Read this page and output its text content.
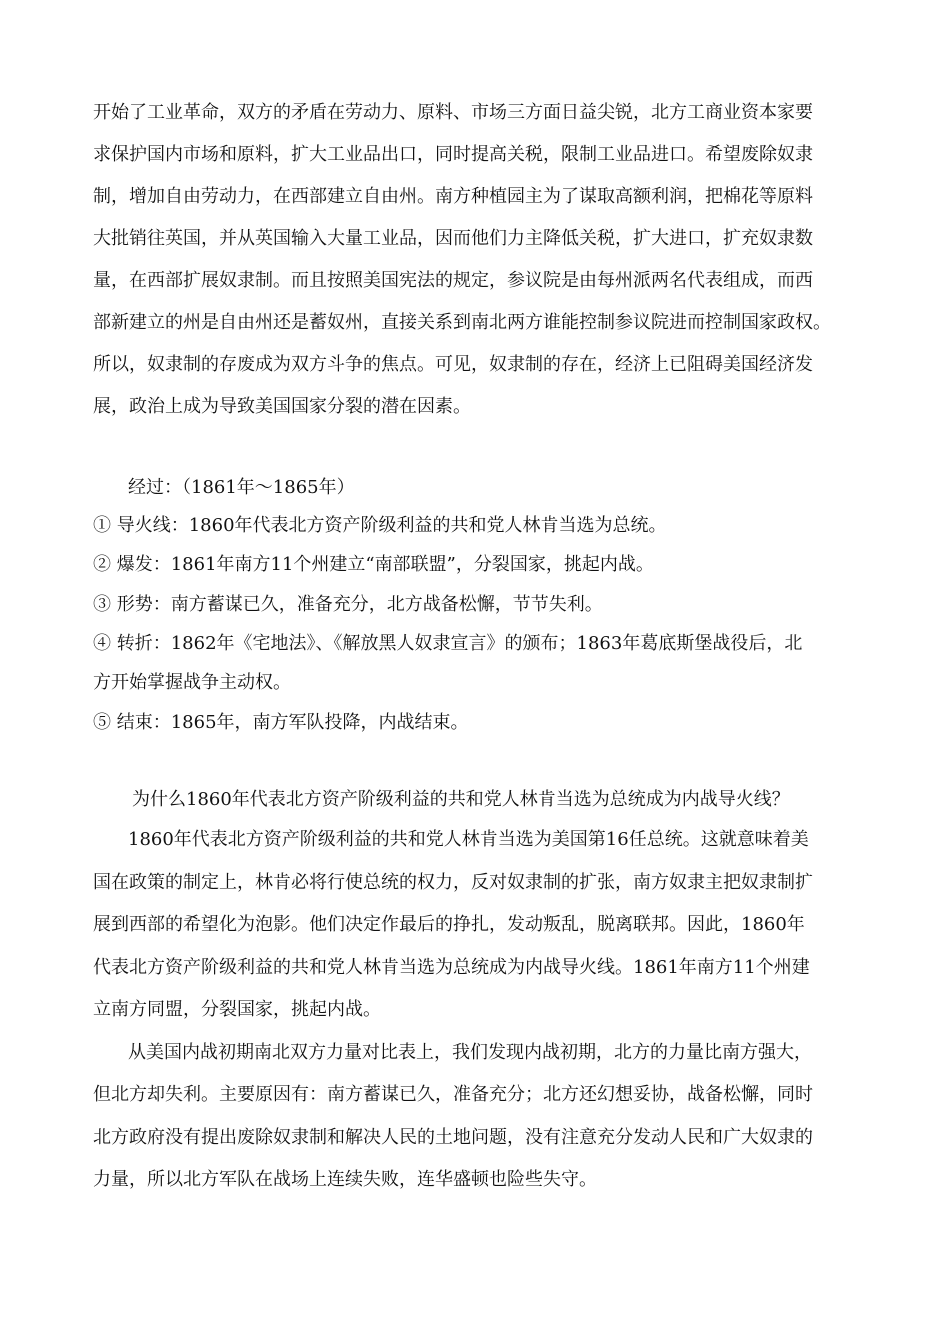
开始了工业革命，双方的矛盾在劳动力、原料、市场三方面日益尖锐，北方工商业资本家要
求保护国内市场和原料，扩大工业品出口，同时提高关税，限制工业品进口。希望废除奴隶
制，增加自由劳动力，在西部建立自由州。南方种植园主为了谋取高额利润，把棉花等原料
大批销往英国，并从英国输入大量工业品，因而他们力主降低关税，扩大进口，扩充奴隶数
量，在西部扩展奴隶制。而且按照美国宪法的规定，参议院是由每州派两名代表组成，而西
部新建立的州是自由州还是蓄奴州，直接关系到南北两方谁能控制参议院进而控制国家政权。
所以，奴隶制的存废成为双方斗争的焦点。可见，奴隶制的存在，经济上已阻碍美国经济发
展，政治上成为导致美国国家分裂的潜在因素。
经过：（1861年～1865年）
① 导火线：1860年代表北方资产阶级利益的共和党人林肯当选为总统。
② 爆发：1861年南方11个州建立“南部联盟”，分裂国家，挑起内战。
③ 形势：南方蓄谋已久，准备充分，北方战备松懈，节节失利。
④ 转折：1862年《宅地法》、《解放黑人奴隶宣言》的颁布；1863年葛底斯堡战役后，北
方开始掌握战争主动权。
⑤ 结束：1865年，南方军队投降，内战结束。
为什么1860年代表北方资产阶级利益的共和党人林肯当选为总统成为内战导火线？
1860年代表北方资产阶级利益的共和党人林肯当选为美国第16任总统。这就意味着美
国在政策的制定上，林肯必将行使总统的权力，反对奴隶制的扩张，南方奴隶主把奴隶制扩
展到西部的希望化为泡影。他们决定作最后的挣扎，发动叛乱，脱离联邦。因此，1860年
代表北方资产阶级利益的共和党人林肯当选为总统成为内战导火线。1861年南方11个州建
立南方同盟，分裂国家，挑起内战。
从美国内战初期南北双方力量对比表上，我们发现内战初期，北方的力量比南方强大，
但北方却失利。主要原因有：南方蓄谋已久，准备充分；北方还幻想妥协，战备松懈，同时
北方政府没有提出废除奴隶制和解决人民的土地问题，没有注意充分发动人民和广大奴隶的
力量，所以北方军队在战场上连续失败，连华盛顿也险些失守。
